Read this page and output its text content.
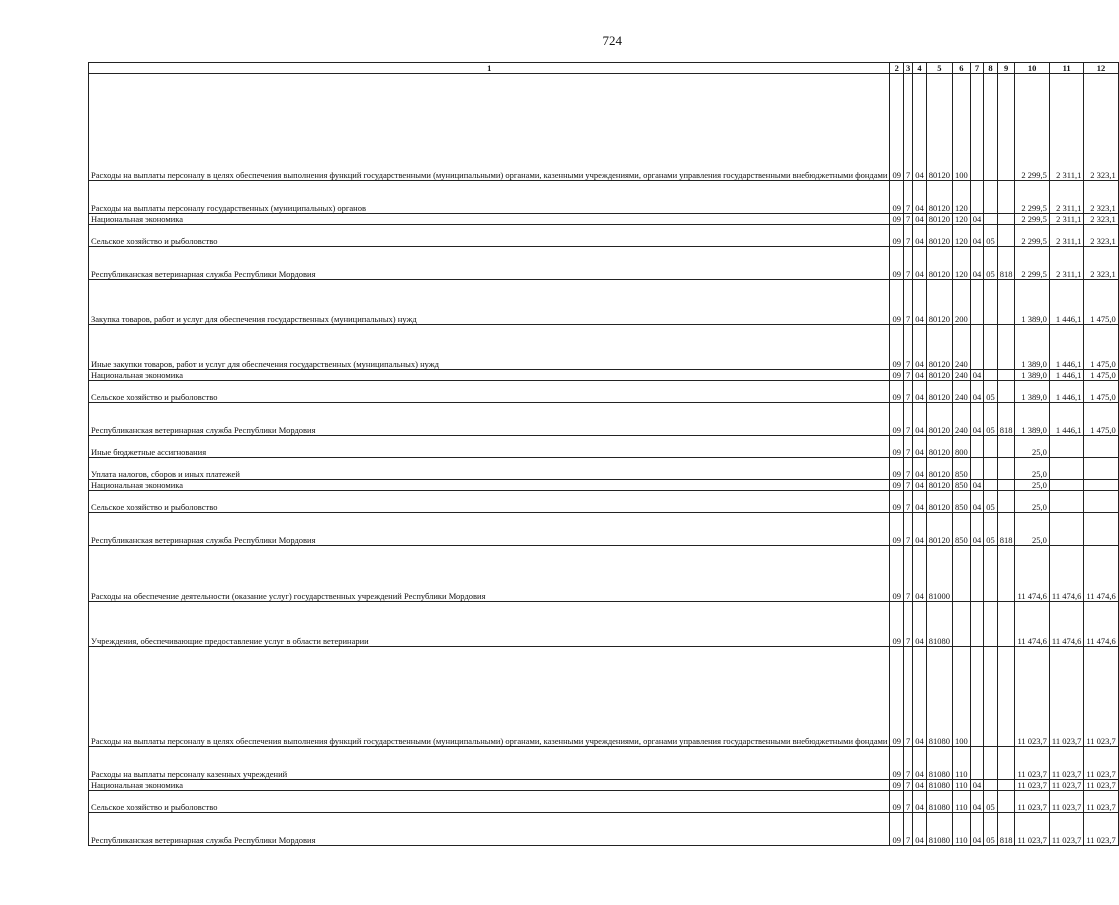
724
1	2	3	4	5	6	7	8	9	10	11	12
Расходы на выплаты персоналу в целях обеспечения выполнения функций государственными (муниципальными) органами, казенными учреждениями, органами управления государственными внебюджетными фондами	09	7	04	80120	100				2 299,5	2 311,1	2 323,1
Расходы на выплаты персоналу государственных (муниципальных) органов	09	7	04	80120	120				2 299,5	2 311,1	2 323,1
Национальная экономика	09	7	04	80120	120	04			2 299,5	2 311,1	2 323,1
Сельское хозяйство и рыболовство	09	7	04	80120	120	04	05		2 299,5	2 311,1	2 323,1
Республиканская ветеринарная служба Республики Мордовия	09	7	04	80120	120	04	05	818	2 299,5	2 311,1	2 323,1
Закупка товаров, работ и услуг для обеспечения государственных (муниципальных) нужд	09	7	04	80120	200				1 389,0	1 446,1	1 475,0
Иные закупки товаров, работ и услуг для обеспечения государственных (муниципальных) нужд	09	7	04	80120	240				1 389,0	1 446,1	1 475,0
Национальная экономика	09	7	04	80120	240	04			1 389,0	1 446,1	1 475,0
Сельское хозяйство и рыболовство	09	7	04	80120	240	04	05		1 389,0	1 446,1	1 475,0
Республиканская ветеринарная служба Республики Мордовия	09	7	04	80120	240	04	05	818	1 389,0	1 446,1	1 475,0
Иные бюджетные ассигнования	09	7	04	80120	800				25,0		
Уплата налогов, сборов и иных платежей	09	7	04	80120	850				25,0		
Национальная экономика	09	7	04	80120	850	04			25,0		
Сельское хозяйство и рыболовство	09	7	04	80120	850	04	05		25,0		
Республиканская ветеринарная служба Республики Мордовия	09	7	04	80120	850	04	05	818	25,0		
Расходы на обеспечение деятельности (оказание услуг) государственных учреждений Республики Мордовия	09	7	04	81000					11 474,6	11 474,6	11 474,6
Учреждения, обеспечивающие предоставление услуг в области ветеринарии	09	7	04	81080					11 474,6	11 474,6	11 474,6
Расходы на выплаты персоналу в целях обеспечения выполнения функций государственными (муниципальными) органами, казенными учреждениями, органами управления государственными внебюджетными фондами	09	7	04	81080	100				11 023,7	11 023,7	11 023,7
Расходы на выплаты персоналу казенных учреждений	09	7	04	81080	110				11 023,7	11 023,7	11 023,7
Национальная экономика	09	7	04	81080	110	04			11 023,7	11 023,7	11 023,7
Сельское хозяйство и рыболовство	09	7	04	81080	110	04	05		11 023,7	11 023,7	11 023,7
Республиканская ветеринарная служба Республики Мордовия	09	7	04	81080	110	04	05	818	11 023,7	11 023,7	11 023,7
